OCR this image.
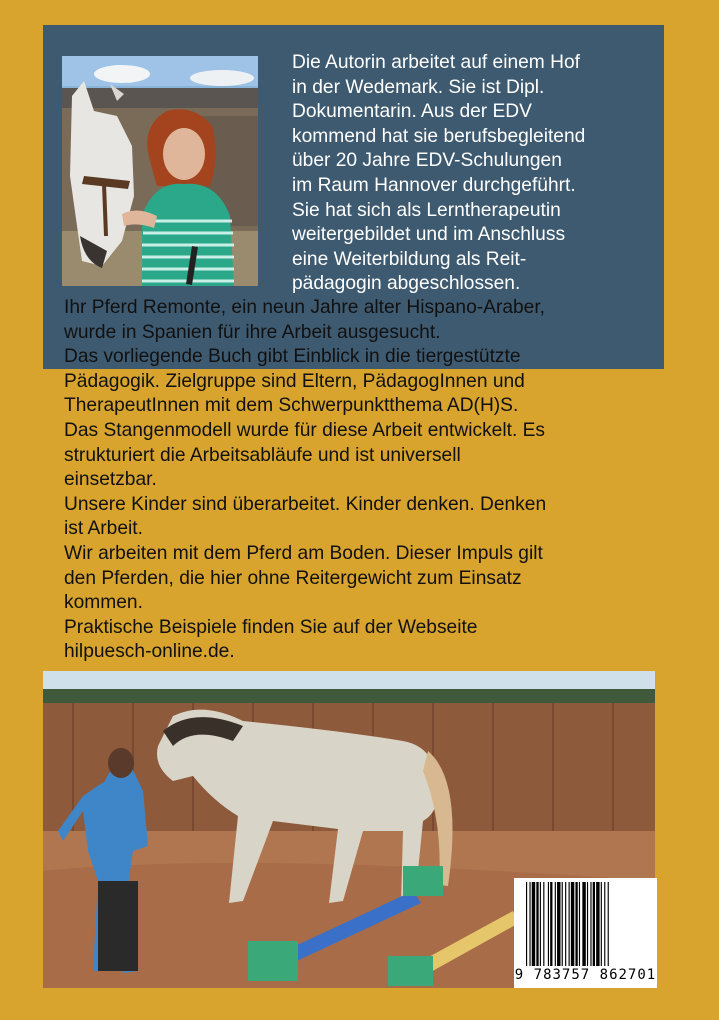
Die Autorin arbeitet auf einem Hof

in der Wedemark. Sie ist Dipl.

Dokumentarin. Aus der EDV

kommend hat sie berufsbegleitend

über 20 Jahre EDV-Schulungen

im Raum Hannover durchgeführt.

Sie hat sich als Lerntherapeutin

weitergebildet und im Anschluss

eine Weiterbildung als Reit-

pädagogin abgeschlossen.

Ihr Pferd Remonte, ein neun Jahre alter Hispano-Araber,

wurde in Spanien für ihre Arbeit ausgesucht.

Das vorliegende Buch gibt Einblick in die tiergestützte

Pädagogik. Zielgruppe sind Eltern, PädagogInnen und

TherapeutInnen mit dem Schwerpunktthema AD(H)S.

Das Stangenmodell wurde für diese Arbeit entwickelt. Es

strukturiert die Arbeitsabläufe und ist universell

einsetzbar.

Unsere Kinder sind überarbeitet. Kinder denken. Denken

ist Arbeit.

Wir arbeiten mit dem Pferd am Boden. Dieser Impuls gilt

den Pferden, die hier ohne Reitergewicht zum Einsatz

kommen.

Praktische Beispiele finden Sie auf der Webseite

hilpuesch-online.de.

9 783757 862701
